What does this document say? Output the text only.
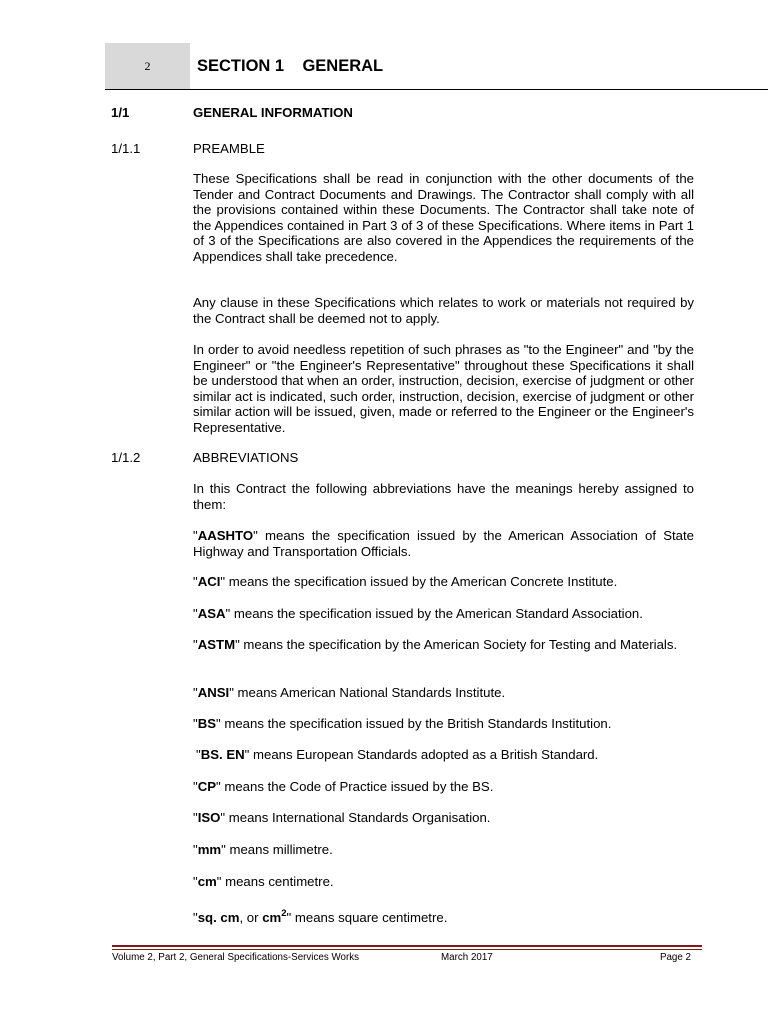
2	SECTION 1 GENERAL
1/1	GENERAL INFORMATION
1/1.1	PREAMBLE
These Specifications shall be read in conjunction with the other documents of the Tender and Contract Documents and Drawings. The Contractor shall comply with all the provisions contained within these Documents. The Contractor shall take note of the Appendices contained in Part 3 of 3 of these Specifications. Where items in Part 1 of 3 of the Specifications are also covered in the Appendices the requirements of the Appendices shall take precedence.
Any clause in these Specifications which relates to work or materials not required by the Contract shall be deemed not to apply.
In order to avoid needless repetition of such phrases as "to the Engineer" and "by the Engineer" or "the Engineer's Representative" throughout these Specifications it shall be understood that when an order, instruction, decision, exercise of judgment or other similar act is indicated, such order, instruction, decision, exercise of judgment or other similar action will be issued, given, made or referred to the Engineer or the Engineer's Representative.
1/1.2	ABBREVIATIONS
In this Contract the following abbreviations have the meanings hereby assigned to them:
"AASHTO" means the specification issued by the American Association of State Highway and Transportation Officials.
"ACI" means the specification issued by the American Concrete Institute.
"ASA" means the specification issued by the American Standard Association.
"ASTM" means the specification by the American Society for Testing and Materials.
"ANSI" means American National Standards Institute.
"BS" means the specification issued by the British Standards Institution.
"BS. EN" means European Standards adopted as a British Standard.
"CP" means the Code of Practice issued by the BS.
"ISO" means International Standards Organisation.
"mm" means millimetre.
"cm" means centimetre.
"sq. cm, or $cm^2$" means square centimetre.
Volume 2, Part 2, General Specifications-Services Works	March 2017	Page 2
